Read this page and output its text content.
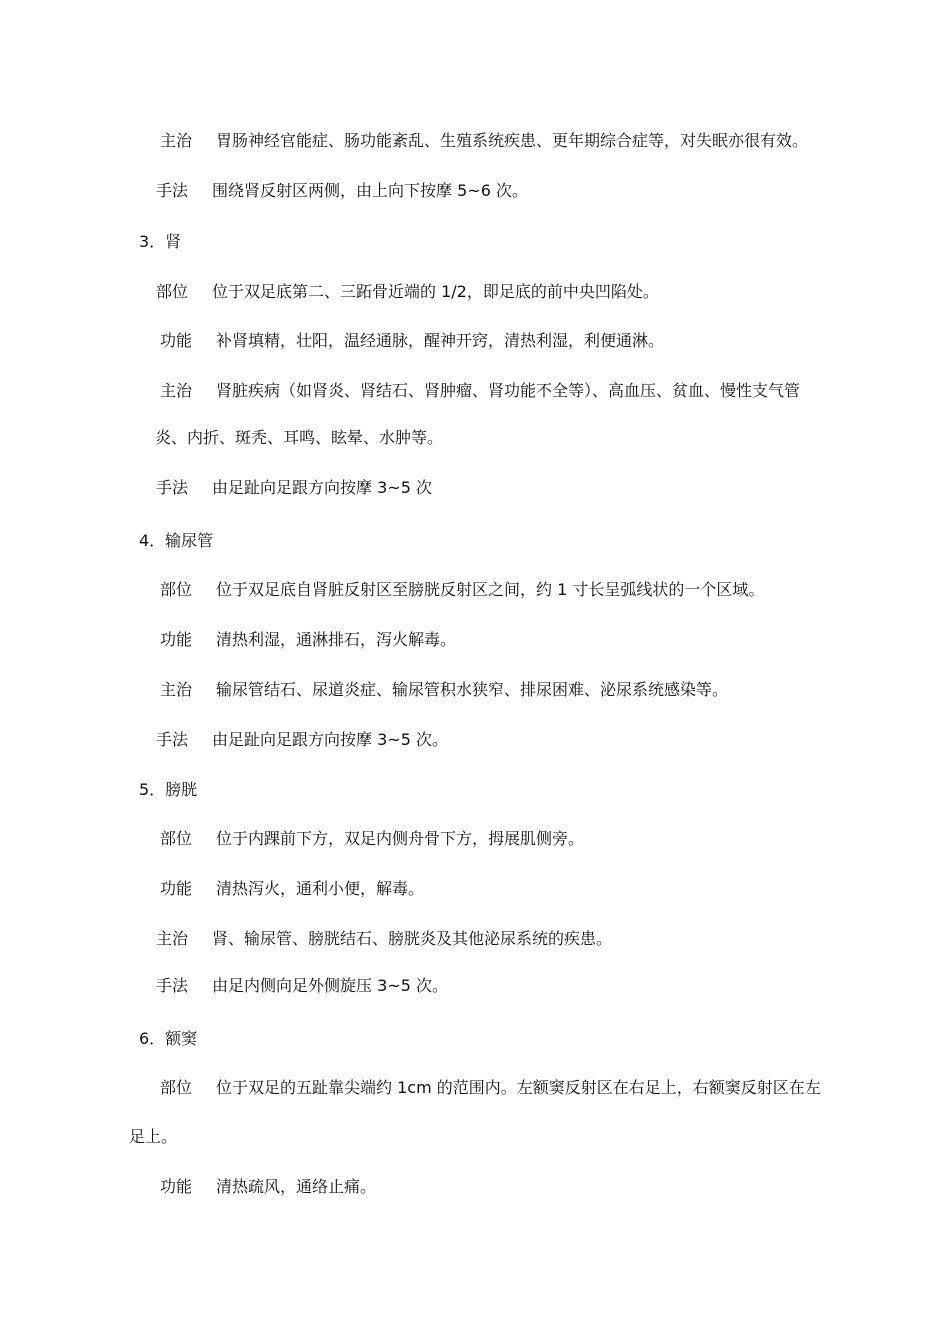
主治 胃肠神经官能症、肠功能紊乱、生殖系统疾患、更年期综合症等，对失眠亦很有效。
手法 围绕肾反射区两侧，由上向下按摩 5~6 次。
3．肾
部位 位于双足底第二、三跖骨近端的 1/2，即足底的前中央凹陷处。
功能 补肾填精，壮阳，温经通脉，醒神开窍，清热利湿，利便通淋。
主治 肾脏疾病（如肾炎、肾结石、肾肿瘤、肾功能不全等）、高血压、贫血、慢性支气管
炎、内折、斑秃、耳鸣、眩晕、水肿等。
手法 由足趾向足跟方向按摩 3~5 次
4．输尿管
部位 位于双足底自肾脏反射区至膀胱反射区之间，约 1 寸长呈弧线状的一个区域。
功能 清热利湿，通淋排石，泻火解毒。
主治 输尿管结石、尿道炎症、输尿管积水狭窄、排尿困难、泌尿系统感染等。
手法 由足趾向足跟方向按摩 3~5 次。
5．膀胱
部位 位于内踝前下方，双足内侧舟骨下方，拇展肌侧旁。
功能 清热泻火，通利小便，解毒。
主治 肾、输尿管、膀胱结石、膀胱炎及其他泌尿系统的疾患。
手法 由足内侧向足外侧旋压 3~5 次。
6．额窦
部位 位于双足的五趾靠尖端约 1cm 的范围内。左额窦反射区在右足上，右额窦反射区在左
足上。
功能 清热疏风，通络止痛。
